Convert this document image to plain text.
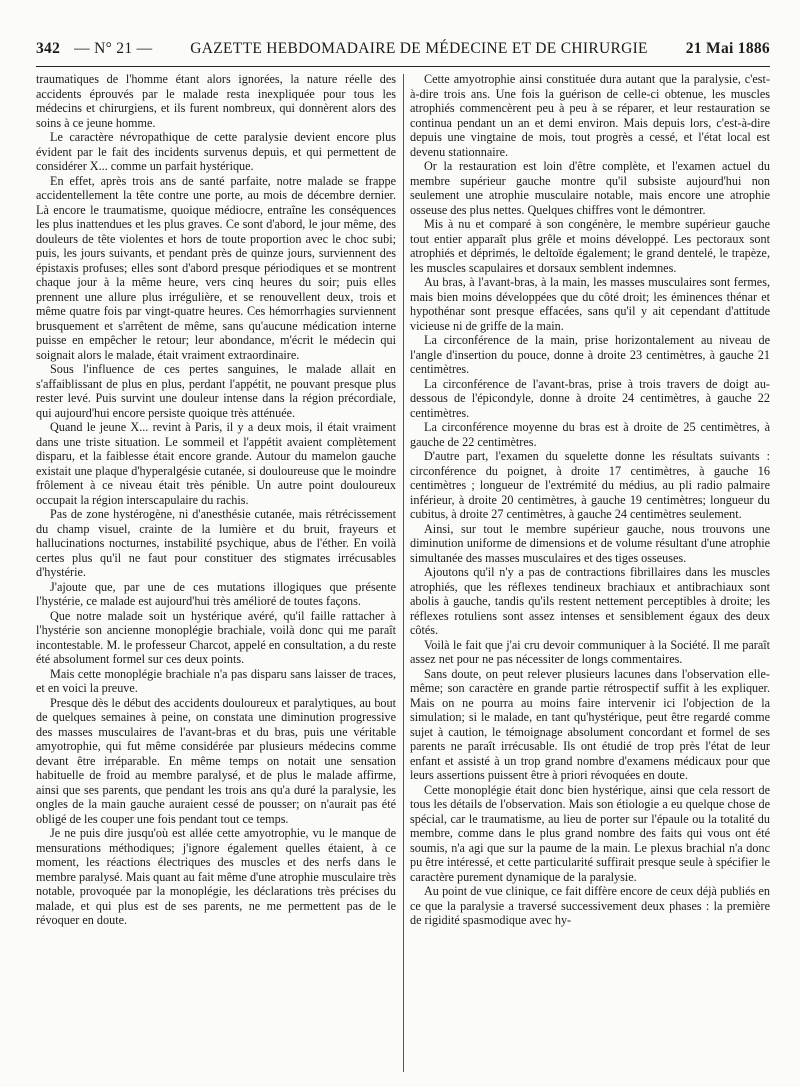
342 — N° 21 —	GAZETTE HEBDOMADAIRE DE MÉDECINE ET DE CHIRURGIE	21 Mai 1886

traumatiques de l'homme étant alors ignorées, la nature réelle des accidents éprouvés par le malade resta inexpliquée pour tous les médecins et chirurgiens, et ils furent nombreux, qui donnèrent alors des soins à ce jeune homme.

Le caractère névropathique de cette paralysie devient encore plus évident par le fait des incidents survenus depuis, et qui permettent de considérer X... comme un parfait hystérique.

En effet, après trois ans de santé parfaite, notre malade se frappe accidentellement la tête contre une porte, au mois de décembre dernier. Là encore le traumatisme, quoique médiocre, entraîne les conséquences les plus inattendues et les plus graves. Ce sont d'abord, le jour même, des douleurs de tête violentes et hors de toute proportion avec le choc subi; puis, les jours suivants, et pendant près de quinze jours, surviennent des épistaxis profuses; elles sont d'abord presque périodiques et se montrent chaque jour à la même heure, vers cinq heures du soir; puis elles prennent une allure plus irrégulière, et se renouvellent deux, trois et même quatre fois par vingt-quatre heures. Ces hémorrhagies surviennent brusquement et s'arrêtent de même, sans qu'aucune médication interne puisse en empêcher le retour; leur abondance, m'écrit le médecin qui soignait alors le malade, était vraiment extraordinaire.

Sous l'influence de ces pertes sanguines, le malade allait en s'affaiblissant de plus en plus, perdant l'appétit, ne pouvant presque plus rester levé. Puis survint une douleur intense dans la région précordiale, qui aujourd'hui encore persiste quoique très atténuée.

Quand le jeune X... revint à Paris, il y a deux mois, il était vraiment dans une triste situation. Le sommeil et l'appétit avaient complètement disparu, et la faiblesse était encore grande. Autour du mamelon gauche existait une plaque d'hyperalgésie cutanée, si douloureuse que le moindre frôlement à ce niveau était très pénible. Un autre point douloureux occupait la région interscapulaire du rachis.

Pas de zone hystérogène, ni d'anesthésie cutanée, mais rétrécissement du champ visuel, crainte de la lumière et du bruit, frayeurs et hallucinations nocturnes, instabilité psychique, abus de l'éther. En voilà certes plus qu'il ne faut pour constituer des stigmates irrécusables d'hystérie.

J'ajoute que, par une de ces mutations illogiques que présente l'hystérie, ce malade est aujourd'hui très amélioré de toutes façons.

Que notre malade soit un hystérique avéré, qu'il faille rattacher à l'hystérie son ancienne monoplégie brachiale, voilà donc qui me paraît incontestable. M. le professeur Charcot, appelé en consultation, a du reste été absolument formel sur ces deux points.

Mais cette monoplégie brachiale n'a pas disparu sans laisser de traces, et en voici la preuve.

Presque dès le début des accidents douloureux et paralytiques, au bout de quelques semaines à peine, on constata une diminution progressive des masses musculaires de l'avant-bras et du bras, puis une véritable amyotrophie, qui fut même considérée par plusieurs médecins comme devant être irréparable. En même temps on notait une sensation habituelle de froid au membre paralysé, et de plus le malade affirme, ainsi que ses parents, que pendant les trois ans qu'a duré la paralysie, les ongles de la main gauche auraient cessé de pousser; on n'aurait pas été obligé de les couper une fois pendant tout ce temps.

Je ne puis dire jusqu'où est allée cette amyotrophie, vu le manque de mensurations méthodiques; j'ignore également quelles étaient, à ce moment, les réactions électriques des muscles et des nerfs dans le membre paralysé. Mais quant au fait même d'une atrophie musculaire très notable, provoquée par la monoplégie, les déclarations très précises du malade, et qui plus est de ses parents, ne me permettent pas de le révoquer en doute.

Cette amyotrophie ainsi constituée dura autant que la paralysie, c'est-à-dire trois ans. Une fois la guérison de celle-ci obtenue, les muscles atrophiés commencèrent peu à peu à se réparer, et leur restauration se continua pendant un an et demi environ. Mais depuis lors, c'est-à-dire depuis une vingtaine de mois, tout progrès a cessé, et l'état local est devenu stationnaire.

Or la restauration est loin d'être complète, et l'examen actuel du membre supérieur gauche montre qu'il subsiste aujourd'hui non seulement une atrophie musculaire notable, mais encore une atrophie osseuse des plus nettes. Quelques chiffres vont le démontrer.

Mis à nu et comparé à son congénère, le membre supérieur gauche tout entier apparaît plus grêle et moins développé. Les pectoraux sont atrophiés et déprimés, le deltoïde également; le grand dentelé, le trapèze, les muscles scapulaires et dorsaux semblent indemnes.

Au bras, à l'avant-bras, à la main, les masses musculaires sont fermes, mais bien moins développées que du côté droit; les éminences thénar et hypothénar sont presque effacées, sans qu'il y ait cependant d'attitude vicieuse ni de griffe de la main.

La circonférence de la main, prise horizontalement au niveau de l'angle d'insertion du pouce, donne à droite 23 centimètres, à gauche 21 centimètres.

La circonférence de l'avant-bras, prise à trois travers de doigt au-dessous de l'épicondyle, donne à droite 24 centimètres, à gauche 22 centimètres.

La circonférence moyenne du bras est à droite de 25 centimètres, à gauche de 22 centimètres.

D'autre part, l'examen du squelette donne les résultats suivants : circonférence du poignet, à droite 17 centimètres, à gauche 16 centimètres ; longueur de l'extrémité du médius, au pli radio palmaire inférieur, à droite 20 centimètres, à gauche 19 centimètres; longueur du cubitus, à droite 27 centimètres, à gauche 24 centimètres seulement.

Ainsi, sur tout le membre supérieur gauche, nous trouvons une diminution uniforme de dimensions et de volume résultant d'une atrophie simultanée des masses musculaires et des tiges osseuses.

Ajoutons qu'il n'y a pas de contractions fibrillaires dans les muscles atrophiés, que les réflexes tendineux brachiaux et antibrachiaux sont abolis à gauche, tandis qu'ils restent nettement perceptibles à droite; les réflexes rotuliens sont assez intenses et sensiblement égaux des deux côtés.

Voilà le fait que j'ai cru devoir communiquer à la Société. Il me paraît assez net pour ne pas nécessiter de longs commentaires.

Sans doute, on peut relever plusieurs lacunes dans l'observation elle-même; son caractère en grande partie rétrospectif suffit à les expliquer. Mais on ne pourra au moins faire intervenir ici l'objection de la simulation; si le malade, en tant qu'hystérique, peut être regardé comme sujet à caution, le témoignage absolument concordant et formel de ses parents ne paraît irrécusable. Ils ont étudié de trop près l'état de leur enfant et assisté à un trop grand nombre d'examens médicaux pour que leurs assertions puissent être à priori révoquées en doute.

Cette monoplégie était donc bien hystérique, ainsi que cela ressort de tous les détails de l'observation. Mais son étiologie a eu quelque chose de spécial, car le traumatisme, au lieu de porter sur l'épaule ou la totalité du membre, comme dans le plus grand nombre des faits qui vous ont été soumis, n'a agi que sur la paume de la main. Le plexus brachial n'a donc pu être intéressé, et cette particularité suffirait presque seule à spécifier le caractère purement dynamique de la paralysie.

Au point de vue clinique, ce fait diffère encore de ceux déjà publiés en ce que la paralysie a traversé successivement deux phases : la première de rigidité spasmodique avec hy-
